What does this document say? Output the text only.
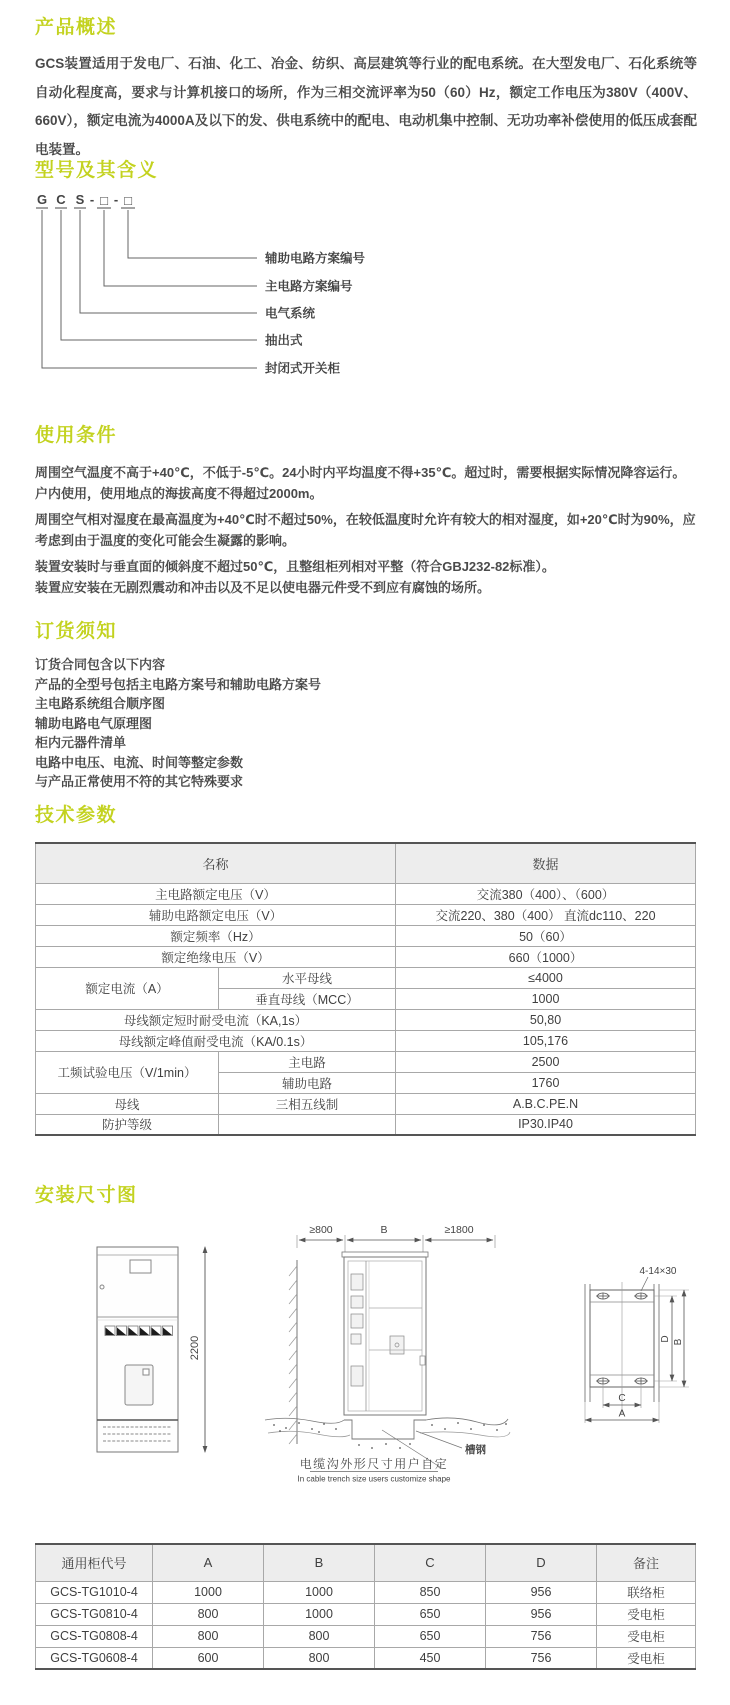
产品概述

GCS装置适用于发电厂、石油、化工、冶金、纺织、高层建筑等行业的配电系统。在大型发电厂、石化系统等自动化程度高，要求与计算机接口的场所，作为三相交流评率为50（60）Hz，额定工作电压为380V（400V、660V），额定电流为4000A及以下的发、供电系统中的配电、电动机集中控制、无功功率补偿使用的低压成套配电装置。

型号及其含义
G C S - □ - □
辅助电路方案编号
主电路方案编号
电气系统
抽出式
封闭式开关柜
使用条件

周围空气温度不高于+40℃，不低于-5℃。24小时内平均温度不得+35℃。超过时，需要根据实际情况降容运行。

户内使用，使用地点的海拔高度不得超过2000m。

周围空气相对湿度在最高温度为+40℃时不超过50%，在较低温度时允许有较大的相对湿度，如+20℃时为90%，应考虑到由于温度的变化可能会生凝露的影响。

装置安装时与垂直面的倾斜度不超过50℃，且整组柜列相对平整（符合GBJ232-82标准）。

装置应安装在无剧烈震动和冲击以及不足以使电器元件受不到应有腐蚀的场所。

订货须知
订货合同包含以下内容
产品的全型号包括主电路方案号和辅助电路方案号
主电路系统组合顺序图
辅助电路电气原理图
柜内元器件清单
电路中电压、电流、时间等整定参数
与产品正常使用不符的其它特殊要求
技术参数
名称		数据
主电路额定电压（V）		交流380（400）、（600）
辅助电路额定电压（V）		交流220、380（400） 直流dc110、220
额定频率（Hz）		50（60）
额定绝缘电压（V）		660（1000）
额定电流（A）	水平母线	≤4000
	垂直母线（MCC）	1000
母线额定短时耐受电流（KA,1s）		50,80
母线额定峰值耐受电流（KA/0.1s）		105,176
工频试验电压（V/1min）	主电路	2500
	辅助电路	1760
母线	三相五线制	A.B.C.PE.N
防护等级		IP30.IP40
安装尺寸图
2200
≥800	B	≥1800
槽钢
电缆沟外形尺寸用户自定
In cable trench size users customize shape
4-14×30
D B
C
A
通用柜代号	A	B	C	D	备注
GCS-TG1010-4	1000	1000	850	956	联络柜
GCS-TG0810-4	800	1000	650	956	受电柜
GCS-TG0808-4	800	800	650	756	受电柜
GCS-TG0608-4	600	800	450	756	受电柜
